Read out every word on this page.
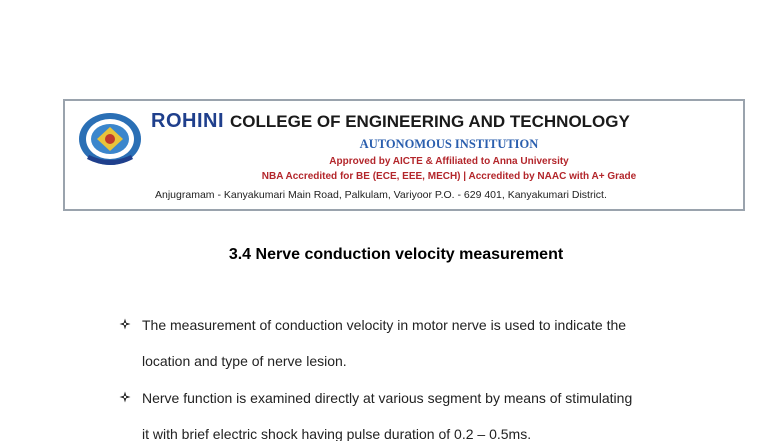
ROHINI COLLEGE OF ENGINEERING AND TECHNOLOGY
AUTONOMOUS INSTITUTION
Approved by AICTE & Affiliated to Anna University
NBA Accredited for BE (ECE, EEE, MECH) | Accredited by NAAC with A+ Grade
Anjugramam - Kanyakumari Main Road, Palkulam, Variyoor P.O. - 629 401, Kanyakumari District.
3.4 Nerve conduction velocity measurement
The measurement of conduction velocity in motor nerve is used to indicate the
location and type of nerve lesion.
Nerve function is examined directly at various segment by means of stimulating
it with brief electric shock having pulse duration of 0.2 – 0.5ms.
